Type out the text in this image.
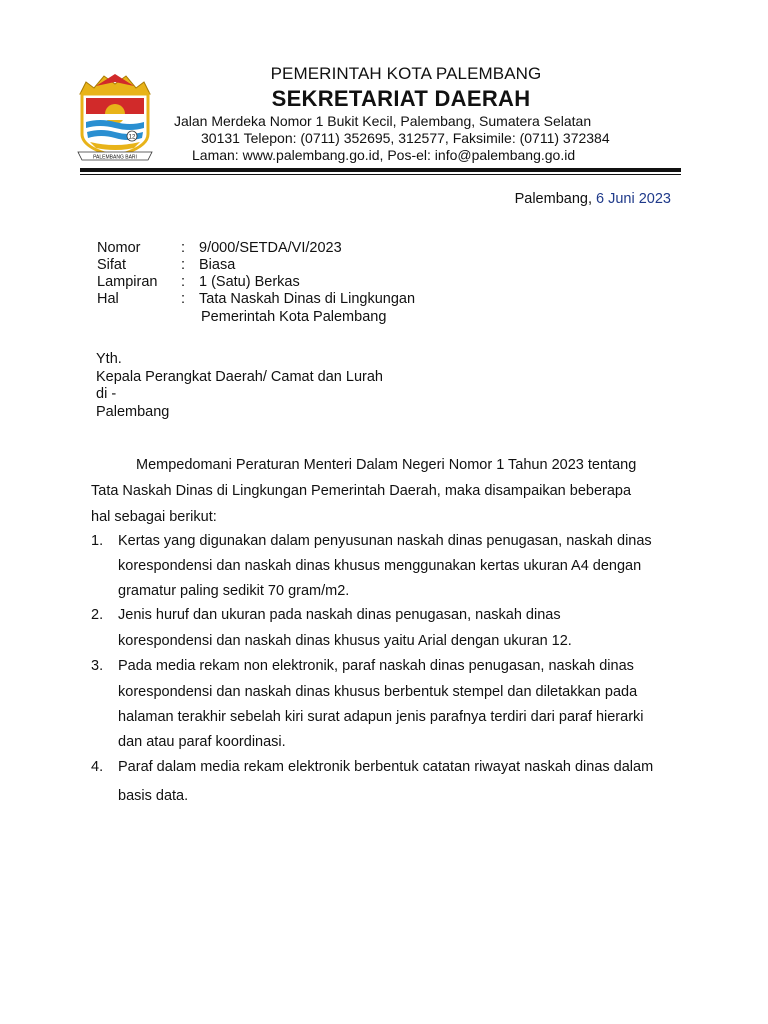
12
PALEMBANG BARI
PEMERINTAH KOTA PALEMBANG
SEKRETARIAT DAERAH
Jalan Merdeka Nomor 1 Bukit Kecil, Palembang, Sumatera Selatan
30131 Telepon: (0711) 352695, 312577, Faksimile: (0711) 372384
Laman: www.palembang.go.id, Pos-el: info@palembang.go.id
Palembang, 6 Juni 2023
Nomor	: 9/000/SETDA/VI/2023
Sifat	: Biasa
Lampiran : 1 (Satu) Berkas
Hal	: Tata Naskah Dinas di Lingkungan
Pemerintah Kota Palembang
Yth.
Kepala Perangkat Daerah/ Camat dan Lurah
di -
Palembang
Mempedomani Peraturan Menteri Dalam Negeri Nomor 1 Tahun 2023 tentang
Tata Naskah Dinas di Lingkungan Pemerintah Daerah, maka disampaikan beberapa
hal sebagai berikut:
1. Kertas yang digunakan dalam penyusunan naskah dinas penugasan, naskah dinas
korespondensi dan naskah dinas khusus menggunakan kertas ukuran A4 dengan
gramatur paling sedikit 70 gram/m2.
2. Jenis huruf dan ukuran pada naskah dinas penugasan, naskah dinas
korespondensi dan naskah dinas khusus yaitu Arial dengan ukuran 12.
3. Pada media rekam non elektronik, paraf naskah dinas penugasan, naskah dinas
korespondensi dan naskah dinas khusus berbentuk stempel dan diletakkan pada
halaman terakhir sebelah kiri surat adapun jenis parafnya terdiri dari paraf hierarki
dan atau paraf koordinasi.
4. Paraf dalam media rekam elektronik berbentuk catatan riwayat naskah dinas dalam
basis data.
